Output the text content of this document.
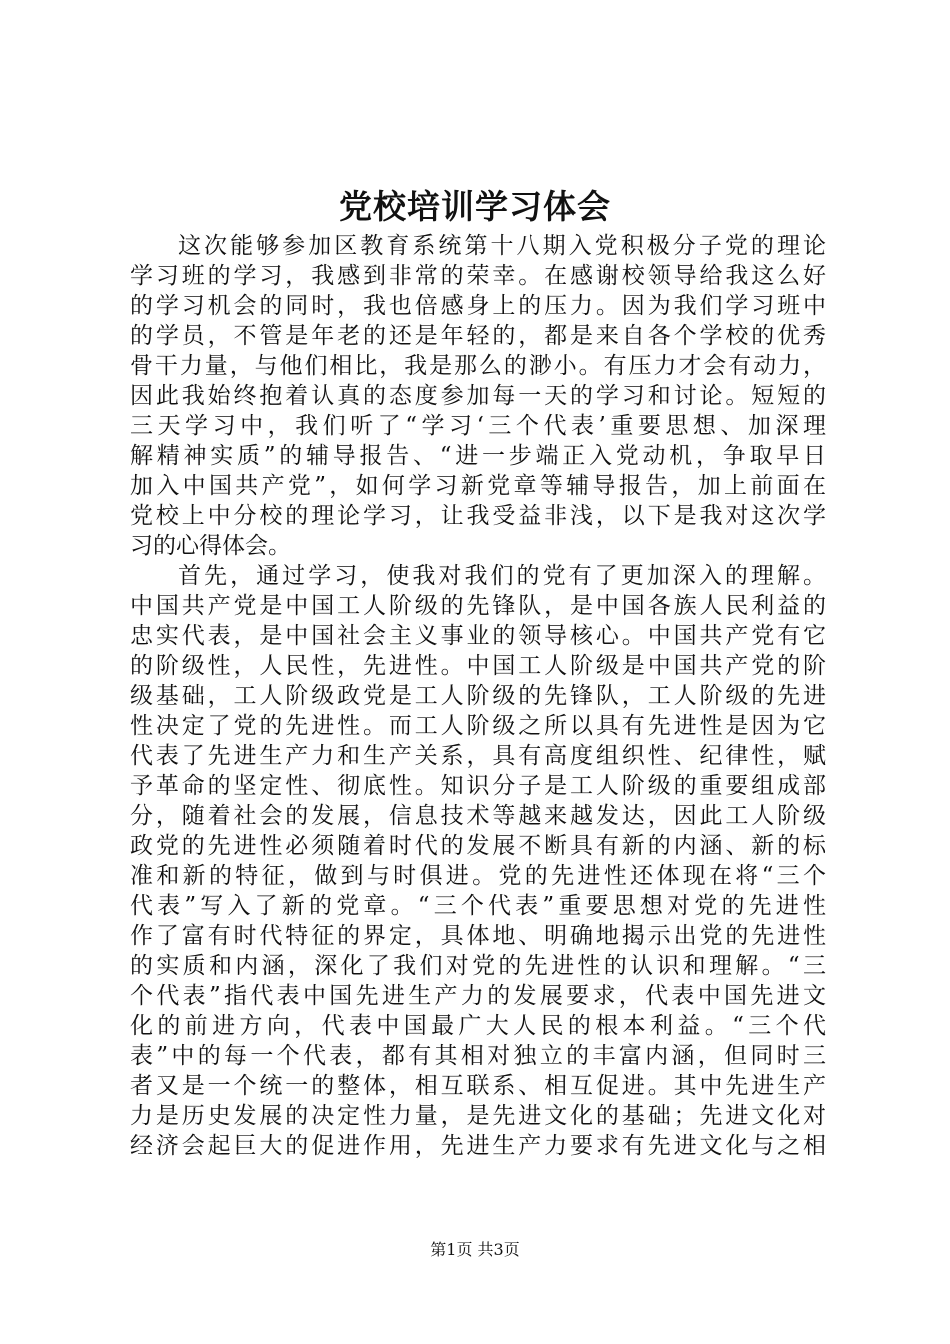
党校培训学习体会
这次能够参加区教育系统第十八期入党积极分子党的理论
学习班的学习，我感到非常的荣幸。在感谢校领导给我这么好
的学习机会的同时，我也倍感身上的压力。因为我们学习班中
的学员，不管是年老的还是年轻的，都是来自各个学校的优秀
骨干力量，与他们相比，我是那么的渺小。有压力才会有动力，
因此我始终抱着认真的态度参加每一天的学习和讨论。短短的
三天学习中，我们听了“学习‘三个代表’重要思想、加深理
解精神实质”的辅导报告、“进一步端正入党动机，争取早日
加入中国共产党”，如何学习新党章等辅导报告，加上前面在
党校上中分校的理论学习，让我受益非浅，以下是我对这次学
习的心得体会。
首先，通过学习，使我对我们的党有了更加深入的理解。
中国共产党是中国工人阶级的先锋队，是中国各族人民利益的
忠实代表，是中国社会主义事业的领导核心。中国共产党有它
的阶级性，人民性，先进性。中国工人阶级是中国共产党的阶
级基础，工人阶级政党是工人阶级的先锋队，工人阶级的先进
性决定了党的先进性。而工人阶级之所以具有先进性是因为它
代表了先进生产力和生产关系，具有高度组织性、纪律性，赋
予革命的坚定性、彻底性。知识分子是工人阶级的重要组成部
分，随着社会的发展，信息技术等越来越发达，因此工人阶级
政党的先进性必须随着时代的发展不断具有新的内涵、新的标
准和新的特征，做到与时俱进。党的先进性还体现在将“三个
代表”写入了新的党章。“三个代表”重要思想对党的先进性
作了富有时代特征的界定，具体地、明确地揭示出党的先进性
的实质和内涵，深化了我们对党的先进性的认识和理解。“三
个代表”指代表中国先进生产力的发展要求，代表中国先进文
化的前进方向，代表中国最广大人民的根本利益。“三个代
表”中的每一个代表，都有其相对独立的丰富内涵，但同时三
者又是一个统一的整体，相互联系、相互促进。其中先进生产
力是历史发展的决定性力量，是先进文化的基础；先进文化对
经济会起巨大的促进作用，先进生产力要求有先进文化与之相
第1页 共3页
